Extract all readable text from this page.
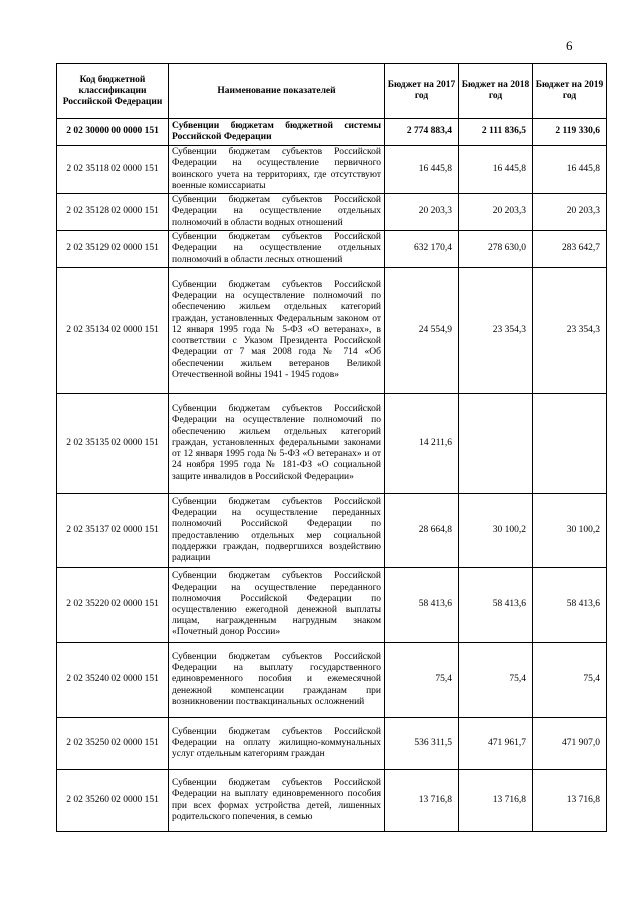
6
Код бюджетной классификации Российской Федерации	Наименование показателей	Бюджет на 2017 год	Бюджет на 2018 год	Бюджет на 2019 год
2 02 30000 00 0000 151	Субвенции бюджетам бюджетной системы Российской Федерации	2 774 883,4	2 111 836,5	2 119 330,6
2 02 35118 02 0000 151	Субвенции бюджетам субъектов Российской Федерации на осуществление первичного воинского учета на территориях, где отсутствуют военные комиссариаты	16 445,8	16 445,8	16 445,8
2 02 35128 02 0000 151	Субвенции бюджетам субъектов Российской Федерации на осуществление отдельных полномочий в области водных отношений	20 203,3	20 203,3	20 203,3
2 02 35129 02 0000 151	Субвенции бюджетам субъектов Российской Федерации на осуществление отдельных полномочий в области лесных отношений	632 170,4	278 630,0	283 642,7
2 02 35134 02 0000 151	Субвенции бюджетам субъектов Российской Федерации на осуществление полномочий по обеспечению жильем отдельных категорий граждан, установленных Федеральным законом от 12 января 1995 года № 5-ФЗ «О ветеранах», в соответствии с Указом Президента Российской Федерации от 7 мая 2008 года № 714 «Об обеспечении жильем ветеранов Великой Отечественной войны 1941 - 1945 годов»	24 554,9	23 354,3	23 354,3
2 02 35135 02 0000 151	Субвенции бюджетам субъектов Российской Федерации на осуществление полномочий по обеспечению жильем отдельных категорий граждан, установленных федеральными законами от 12 января 1995 года № 5-ФЗ «О ветеранах» и от 24 ноября 1995 года № 181-ФЗ «О социальной защите инвалидов в Российской Федерации»	14 211,6		
2 02 35137 02 0000 151	Субвенции бюджетам субъектов Российской Федерации на осуществление переданных полномочий Российской Федерации по предоставлению отдельных мер социальной поддержки граждан, подвергшихся воздействию радиации	28 664,8	30 100,2	30 100,2
2 02 35220 02 0000 151	Субвенции бюджетам субъектов Российской Федерации на осуществление переданного полномочия Российской Федерации по осуществлению ежегодной денежной выплаты лицам, награжденным нагрудным знаком «Почетный донор России»	58 413,6	58 413,6	58 413,6
2 02 35240 02 0000 151	Субвенции бюджетам субъектов Российской Федерации на выплату государственного единовременного пособия и ежемесячной денежной компенсации гражданам при возникновении поствакцинальных осложнений	75,4	75,4	75,4
2 02 35250 02 0000 151	Субвенции бюджетам субъектов Российской Федерации на оплату жилищно-коммунальных услуг отдельным категориям граждан	536 311,5	471 961,7	471 907,0
2 02 35260 02 0000 151	Субвенции бюджетам субъектов Российской Федерации на выплату единовременного пособия при всех формах устройства детей, лишенных родительского попечения, в семью	13 716,8	13 716,8	13 716,8
